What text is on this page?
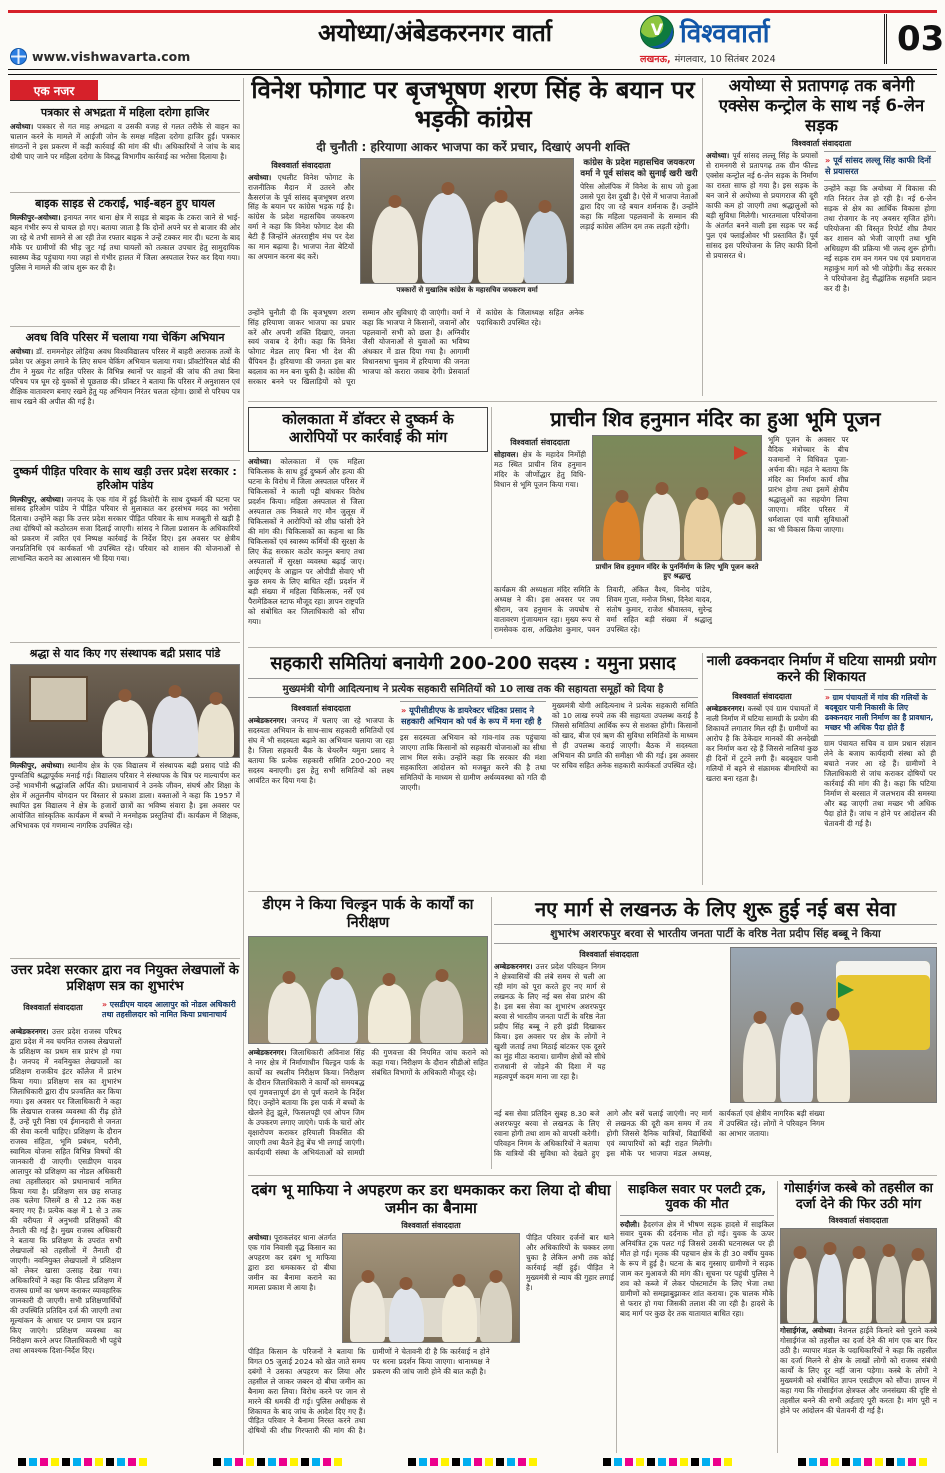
अयोध्या/अंबेडकरनगर वार्ता V	विश्ववार्ता
लखनऊ, मंगलवार, 10 सितंबर 2024
03
www.vishwavarta.com
एक नजर
पत्रकार से अभद्रता में महिला दरोगा हाजिर

अयोध्या। पत्रकार से गत माह अभद्रता व उसकी वजह से गलत तरीके से वाहन का चालान करने के मामले में आईजी जोन के समक्ष महिला दरोगा हाजिर हुईं। पत्रकार संगठनों ने इस प्रकरण में कड़ी कार्रवाई की मांग की थी। अधिकारियों ने जांच के बाद दोषी पाए जाने पर महिला दरोगा के विरुद्ध विभागीय कार्रवाई का भरोसा दिलाया है।

बाइक साइड से टकराई, भाई-बहन हुए घायल

मिल्कीपुर-अयोध्या। इनायत नगर थाना क्षेत्र में साइड से बाइक के टकरा जाने से भाई-बहन गंभीर रूप से घायल हो गए। बताया जाता है कि दोनों अपने घर से बाजार की ओर जा रहे थे तभी सामने से आ रही तेज रफ्तार बाइक ने उन्हें टक्कर मार दी। घटना के बाद मौके पर ग्रामीणों की भीड़ जुट गई तथा घायलों को तत्काल उपचार हेतु सामुदायिक स्वास्थ्य केंद्र पहुंचाया गया जहां से गंभीर हालत में जिला अस्पताल रेफर कर दिया गया। पुलिस ने मामले की जांच शुरू कर दी है।

अवध विवि परिसर में चलाया गया चेकिंग अभियान

अयोध्या। डॉ. राममनोहर लोहिया अवध विश्वविद्यालय परिसर में बाहरी अराजक तत्वों के प्रवेश पर अंकुश लगाने के लिए सघन चेकिंग अभियान चलाया गया। प्रॉक्टोरियल बोर्ड की टीम ने मुख्य गेट सहित परिसर के विभिन्न स्थानों पर वाहनों की जांच की तथा बिना परिचय पत्र घूम रहे युवकों से पूछताछ की। प्रॉक्टर ने बताया कि परिसर में अनुशासन एवं शैक्षिक वातावरण बनाए रखने हेतु यह अभियान निरंतर चलता रहेगा। छात्रों से परिचय पत्र साथ रखने की अपील की गई है।

दुष्कर्म पीड़ित परिवार के साथ खड़ी उत्तर प्रदेश सरकार : हरिओम पांडेय

मिल्कीपुर, अयोध्या। जनपद के एक गांव में हुई किशोरी के साथ दुष्कर्म की घटना पर सांसद हरिओम पांडेय ने पीड़ित परिवार से मुलाकात कर हरसंभव मदद का भरोसा दिलाया। उन्होंने कहा कि उत्तर प्रदेश सरकार पीड़ित परिवार के साथ मजबूती से खड़ी है तथा दोषियों को कठोरतम सजा दिलाई जाएगी। सांसद ने जिला प्रशासन के अधिकारियों को प्रकरण में त्वरित एवं निष्पक्ष कार्रवाई के निर्देश दिए। इस अवसर पर क्षेत्रीय जनप्रतिनिधि एवं कार्यकर्ता भी उपस्थित रहे। परिवार को शासन की योजनाओं से लाभान्वित कराने का आश्वासन भी दिया गया।

श्रद्धा से याद किए गए संस्थापक बद्री प्रसाद पांडे

मिल्कीपुर, अयोध्या। स्थानीय क्षेत्र के एक विद्यालय में संस्थापक बद्री प्रसाद पांडे की पुण्यतिथि श्रद्धापूर्वक मनाई गई। विद्यालय परिवार ने संस्थापक के चित्र पर माल्यार्पण कर उन्हें भावभीनी श्रद्धांजलि अर्पित की। प्रधानाचार्य ने उनके जीवन, संघर्ष और शिक्षा के क्षेत्र में अतुलनीय योगदान पर विस्तार से प्रकाश डाला। वक्ताओं ने कहा कि 1957 में स्थापित इस विद्यालय ने क्षेत्र के हजारों छात्रों का भविष्य संवारा है। इस अवसर पर आयोजित सांस्कृतिक कार्यक्रम में बच्चों ने मनमोहक प्रस्तुतियां दीं। कार्यक्रम में शिक्षक, अभिभावक एवं गणमान्य नागरिक उपस्थित रहे।

उत्तर प्रदेश सरकार द्वारा नव नियुक्त लेखपालों के प्रशिक्षण सत्र का शुभारंभ
विश्ववार्ता संवाददाता	» एसडीएम यादव आलापुर को नोडल अधिकारी तथा तहसीलदार को नामित किया प्रधानाचार्य

अम्बेडकरनगर। उत्तर प्रदेश राजस्व परिषद द्वारा प्रदेश में नव चयनित राजस्व लेखपालों के प्रशिक्षण का प्रथम सत्र प्रारंभ हो गया है। जनपद में नवनियुक्त लेखपालों का प्रशिक्षण राजकीय इंटर कॉलेज में प्रारंभ किया गया। प्रशिक्षण सत्र का शुभारंभ जिलाधिकारी द्वारा दीप प्रज्वलित कर किया गया। इस अवसर पर जिलाधिकारी ने कहा कि लेखपाल राजस्व व्यवस्था की रीढ़ होते हैं, उन्हें पूरी निष्ठा एवं ईमानदारी से जनता की सेवा करनी चाहिए। प्रशिक्षण के दौरान राजस्व संहिता, भूमि प्रबंधन, घरौनी, स्वामित्व योजना सहित विभिन्न विषयों की जानकारी दी जाएगी। एसडीएम यादव आलापुर को प्रशिक्षण का नोडल अधिकारी तथा तहसीलदार को प्रधानाचार्य नामित किया गया है। प्रशिक्षण सत्र छह सप्ताह तक चलेगा जिसमें 8 से 12 तक कक्ष बनाए गए हैं। प्रत्येक कक्ष में 1 से 3 तक की वरीयता में अनुभवी प्रशिक्षकों की तैनाती की गई है। मुख्य राजस्व अधिकारी ने बताया कि प्रशिक्षण के उपरांत सभी लेखपालों को तहसीलों में तैनाती दी जाएगी। नवनियुक्त लेखपालों में प्रशिक्षण को लेकर खासा उत्साह देखा गया। अधिकारियों ने कहा कि फील्ड प्रशिक्षण में राजस्व ग्रामों का भ्रमण कराकर व्यावहारिक जानकारी दी जाएगी। सभी प्रशिक्षणार्थियों की उपस्थिति प्रतिदिन दर्ज की जाएगी तथा मूल्यांकन के आधार पर प्रमाण पत्र प्रदान किए जाएंगे। प्रशिक्षण व्यवस्था का निरीक्षण करने अपर जिलाधिकारी भी पहुंचे तथा आवश्यक दिशा-निर्देश दिए।

विनेश फोगाट पर बृजभूषण शरण सिंह के बयान पर भड़की कांग्रेस
दी चुनौती : हरियाणा आकर भाजपा का करें प्रचार, दिखाएं अपनी शक्ति
विश्ववार्ता संवाददाता

अयोध्या। एथलीट विनेश फोगाट के राजनीतिक मैदान में उतरने और कैसरगंज के पूर्व सांसद बृजभूषण शरण सिंह के बयान पर कांग्रेस भड़क गई है। कांग्रेस के प्रदेश महासचिव जयकरण वर्मा ने कहा कि विनेश फोगाट देश की बेटी हैं जिन्होंने अंतरराष्ट्रीय मंच पर देश का मान बढ़ाया है। भाजपा नेता बेटियों का अपमान करना बंद करें।

पत्रकारों से मुखातिब कांग्रेस के महासचिव जयकरण वर्मा
कांग्रेस के प्रदेश महासचिव जयकरण वर्मा ने पूर्व सांसद को सुनाई खरी खरी

पेरिस ओलंपिक में विनेश के साथ जो हुआ उससे पूरा देश दुखी है। ऐसे में भाजपा नेताओं द्वारा दिए जा रहे बयान शर्मनाक हैं। उन्होंने कहा कि महिला पहलवानों के सम्मान की लड़ाई कांग्रेस अंतिम दम तक लड़ती रहेगी।

उन्होंने चुनौती दी कि बृजभूषण शरण सिंह हरियाणा जाकर भाजपा का प्रचार करें और अपनी शक्ति दिखाएं, जनता स्वयं जवाब दे देगी। कहा कि विनेश फोगाट मेडल लाए बिना भी देश की चैंपियन हैं। हरियाणा की जनता इस बार बदलाव का मन बना चुकी है। कांग्रेस की सरकार बनने पर खिलाड़ियों को पूरा सम्मान और सुविधाएं दी जाएंगी। वर्मा ने कहा कि भाजपा ने किसानों, जवानों और पहलवानों सभी को छला है। अग्निवीर जैसी योजनाओं से युवाओं का भविष्य अंधकार में डाल दिया गया है। आगामी विधानसभा चुनाव में हरियाणा की जनता भाजपा को करारा जवाब देगी। प्रेसवार्ता में कांग्रेस के जिलाध्यक्ष सहित अनेक पदाधिकारी उपस्थित रहे।

अयोध्या से प्रतापगढ़ तक बनेगी एक्सेस कन्ट्रोल के साथ नई 6-लेन सड़क
विश्ववार्ता संवाददाता

अयोध्या। पूर्व सांसद लल्लू सिंह के प्रयासों से रामनगरी से प्रतापगढ़ तक ग्रीन फील्ड एक्सेस कन्ट्रोल नई 6-लेन सड़क के निर्माण का रास्ता साफ हो गया है। इस सड़क के बन जाने से अयोध्या से प्रयागराज की दूरी काफी कम हो जाएगी तथा श्रद्धालुओं को बड़ी सुविधा मिलेगी। भारतमाला परियोजना के अंतर्गत बनने वाली इस सड़क पर कई पुल एवं फ्लाईओवर भी प्रस्तावित हैं। पूर्व सांसद इस परियोजना के लिए काफी दिनों से प्रयासरत थे।

» पूर्व सांसद लल्लू सिंह काफी दिनों से प्रयासरत

उन्होंने कहा कि अयोध्या में विकास की गति निरंतर तेज हो रही है। नई 6-लेन सड़क से क्षेत्र का आर्थिक विकास होगा तथा रोजगार के नए अवसर सृजित होंगे। परियोजना की विस्तृत रिपोर्ट शीघ्र तैयार कर शासन को भेजी जाएगी तथा भूमि अधिग्रहण की प्रक्रिया भी जल्द शुरू होगी। नई सड़क राम वन गमन पथ एवं प्रयागराज महाकुंभ मार्ग को भी जोड़ेगी। केंद्र सरकार ने परियोजना हेतु सैद्धांतिक सहमति प्रदान कर दी है।

कोलकाता में डॉक्टर से दुष्कर्म के आरोपियों पर कार्रवाई की मांग

अयोध्या। कोलकाता में एक महिला चिकित्सक के साथ हुई दुष्कर्म और हत्या की घटना के विरोध में जिला अस्पताल परिसर में चिकित्सकों ने काली पट्टी बांधकर विरोध प्रदर्शन किया। महिला अस्पताल से जिला अस्पताल तक निकाले गए मौन जुलूस में चिकित्सकों ने आरोपियों को शीघ्र फांसी देने की मांग की। चिकित्सकों का कहना था कि चिकित्सकों एवं स्वास्थ्य कर्मियों की सुरक्षा के लिए केंद्र सरकार कठोर कानून बनाए तथा अस्पतालों में सुरक्षा व्यवस्था बढ़ाई जाए। आईएमए के आह्वान पर ओपीडी सेवाएं भी कुछ समय के लिए बाधित रहीं। प्रदर्शन में बड़ी संख्या में महिला चिकित्सक, नर्सें एवं पैरामेडिकल स्टाफ मौजूद रहा। ज्ञापन राष्ट्रपति को संबोधित कर जिलाधिकारी को सौंपा गया।

प्राचीन शिव हनुमान मंदिर का हुआ भूमि पूजन
विश्ववार्ता संवाददाता

सोहावल। क्षेत्र के महादेव निर्मोही मठ स्थित प्राचीन शिव हनुमान मंदिर के जीर्णोद्धार हेतु विधि-विधान से भूमि पूजन किया गया।

प्राचीन शिव हनुमान मंदिर के पुनर्निर्माण के लिए भूमि पूजन करते हुए श्रद्धालु

भूमि पूजन के अवसर पर वैदिक मंत्रोच्चार के बीच यजमानों ने विधिवत पूजा-अर्चना की। महंत ने बताया कि मंदिर का निर्माण कार्य शीघ्र प्रारंभ होगा तथा इसमें क्षेत्रीय श्रद्धालुओं का सहयोग लिया जाएगा। मंदिर परिसर में धर्मशाला एवं यात्री सुविधाओं का भी विकास किया जाएगा।

कार्यक्रम की अध्यक्षता मंदिर समिति के अध्यक्ष ने की। इस अवसर पर जय श्रीराम, जय हनुमान के जयघोष से वातावरण गुंजायमान रहा। मुख्य रूप से रामसेवक दास, अखिलेश कुमार, पवन तिवारी, अंकित वैश्य, विनोद पांडेय, शिवम गुप्ता, मनोज मिश्रा, दिनेश यादव, संतोष कुमार, राजेश श्रीवास्तव, सुरेन्द्र वर्मा सहित बड़ी संख्या में श्रद्धालु उपस्थित रहे।

सहकारी समितियां बनायेगी 200-200 सदस्य : यमुना प्रसाद
मुख्यमंत्री योगी आदित्यनाथ ने प्रत्येक सहकारी समितियों को 10 लाख तक की सहायता समूहों को दिया है
विश्ववार्ता संवाददाता

अम्बेडकरनगर। जनपद में चलाए जा रहे भाजपा के सदस्यता अभियान के साथ-साथ सहकारी समितियों एवं संघ में भी सदस्यता बढ़ाने का अभियान चलाया जा रहा है। जिला सहकारी बैंक के चेयरमैन यमुना प्रसाद ने बताया कि प्रत्येक सहकारी समिति 200-200 नए सदस्य बनाएगी। इस हेतु सभी समितियों को लक्ष्य आवंटित कर दिया गया है।

» यूपीसीडीएफ के डायरेक्टर चंद्रिका प्रसाद ने सहकारी अभियान को पर्व के रूप में मना रही है

इस सदस्यता अभियान को गांव-गांव तक पहुंचाया जाएगा ताकि किसानों को सहकारी योजनाओं का सीधा लाभ मिल सके। उन्होंने कहा कि सरकार की मंशा सहकारिता आंदोलन को मजबूत करने की है तथा समितियों के माध्यम से ग्रामीण अर्थव्यवस्था को गति दी जाएगी।

मुख्यमंत्री योगी आदित्यनाथ ने प्रत्येक सहकारी समिति को 10 लाख रुपये तक की सहायता उपलब्ध कराई है जिससे समितियां आर्थिक रूप से सशक्त होंगी। किसानों को खाद, बीज एवं ऋण की सुविधा समितियों के माध्यम से ही उपलब्ध कराई जाएगी। बैठक में सदस्यता अभियान की प्रगति की समीक्षा भी की गई। इस अवसर पर सचिव सहित अनेक सहकारी कार्यकर्ता उपस्थित रहे।

नाली ढक्कनदार निर्माण में घटिया सामग्री प्रयोग करने की शिकायत
विश्ववार्ता संवाददाता

अम्बेडकरनगर। कस्बों एवं ग्राम पंचायतों में नाली निर्माण में घटिया सामग्री के प्रयोग की शिकायतें लगातार मिल रही हैं। ग्रामीणों का आरोप है कि ठेकेदार मानकों की अनदेखी कर निर्माण करा रहे हैं जिससे नालियां कुछ ही दिनों में टूटने लगी हैं। बदबूदार पानी गलियों में बहने से संक्रामक बीमारियों का खतरा बना रहता है।

» ग्राम पंचायतों में गांव की गलियों के बदबूदार पानी निकासी के लिए ढक्कनदार नाली निर्माण का है प्रावधान, मच्छर भी अधिक पैदा होते हैं

ग्राम पंचायत सचिव व ग्राम प्रधान संज्ञान लेने के बजाय कार्यदायी संस्था को ही बचाते नजर आ रहे हैं। ग्रामीणों ने जिलाधिकारी से जांच कराकर दोषियों पर कार्रवाई की मांग की है। कहा कि घटिया निर्माण से बरसात में जलभराव की समस्या और बढ़ जाएगी तथा मच्छर भी अधिक पैदा होते हैं। जांच न होने पर आंदोलन की चेतावनी दी गई है।

डीएम ने किया चिल्ड्रन पार्क के कार्यों का निरीक्षण

अम्बेडकरनगर। जिलाधिकारी अविनाश सिंह ने नगर क्षेत्र में निर्माणाधीन चिल्ड्रन पार्क के कार्यों का स्थलीय निरीक्षण किया। निरीक्षण के दौरान जिलाधिकारी ने कार्यों को समयबद्ध एवं गुणवत्तापूर्ण ढंग से पूर्ण कराने के निर्देश दिए। उन्होंने बताया कि इस पार्क में बच्चों के खेलने हेतु झूले, फिसलपट्टी एवं ओपन जिम के उपकरण लगाए जाएंगे। पार्क के चारों ओर वृक्षारोपण कराकर हरियाली विकसित की जाएगी तथा बैठने हेतु बेंच भी लगाई जाएंगी। कार्यदायी संस्था के अभियंताओं को सामग्री की गुणवत्ता की नियमित जांच कराने को कहा गया। निरीक्षण के दौरान सीडीओ सहित संबंधित विभागों के अधिकारी मौजूद रहे।

नए मार्ग से लखनऊ के लिए शुरू हुई नई बस सेवा
शुभारंभ अशरफपुर बरवा से भारतीय जनता पार्टी के वरिष्ठ नेता प्रदीप सिंह बब्बू ने किया
विश्ववार्ता संवाददाता

अम्बेडकरनगर। उत्तर प्रदेश परिवहन निगम ने क्षेत्रवासियों की लंबे समय से चली आ रही मांग को पूरा करते हुए नए मार्ग से लखनऊ के लिए नई बस सेवा प्रारंभ की है। इस बस सेवा का शुभारंभ अशरफपुर बरवा से भारतीय जनता पार्टी के वरिष्ठ नेता प्रदीप सिंह बब्बू ने हरी झंडी दिखाकर किया। इस अवसर पर क्षेत्र के लोगों ने खुशी जताई तथा मिठाई बांटकर एक दूसरे का मुंह मीठा कराया। ग्रामीण क्षेत्रों को सीधे राजधानी से जोड़ने की दिशा में यह महत्वपूर्ण कदम माना जा रहा है।

नई बस सेवा प्रतिदिन सुबह 8.30 बजे अशरफपुर बरवा से लखनऊ के लिए रवाना होगी तथा शाम को वापसी करेगी। परिवहन निगम के अधिकारियों ने बताया कि यात्रियों की सुविधा को देखते हुए आगे और बसें चलाई जाएंगी। नए मार्ग से लखनऊ की दूरी कम समय में तय होगी जिससे दैनिक यात्रियों, विद्यार्थियों एवं व्यापारियों को बड़ी राहत मिलेगी। इस मौके पर भाजपा मंडल अध्यक्ष, कार्यकर्ता एवं क्षेत्रीय नागरिक बड़ी संख्या में उपस्थित रहे। लोगों ने परिवहन निगम का आभार जताया।

दबंग भू माफिया ने अपहरण कर डरा धमकाकर करा लिया दो बीघा जमीन का बैनामा
विश्ववार्ता संवाददाता

अयोध्या। पूराकलंदर थाना अंतर्गत एक गांव निवासी वृद्ध किसान का अपहरण कर दबंग भू माफिया द्वारा डरा धमकाकर दो बीघा जमीन का बैनामा कराने का मामला प्रकाश में आया है।

पीड़ित परिवार दर्जनों बार थाने और अधिकारियों के चक्कर लगा चुका है लेकिन अभी तक कोई कार्रवाई नहीं हुई। पीड़ित ने मुख्यमंत्री से न्याय की गुहार लगाई है।

पीड़ित किसान के परिजनों ने बताया कि विगत 05 जुलाई 2024 को खेत जाते समय दबंगों ने उसका अपहरण कर लिया और तहसील ले जाकर जबरन दो बीघा जमीन का बैनामा करा लिया। विरोध करने पर जान से मारने की धमकी दी गई। पुलिस अधीक्षक से शिकायत के बाद जांच के आदेश दिए गए हैं। पीड़ित परिवार ने बैनामा निरस्त करने तथा दोषियों की शीघ्र गिरफ्तारी की मांग की है। ग्रामीणों ने चेतावनी दी है कि कार्रवाई न होने पर धरना प्रदर्शन किया जाएगा। थानाध्यक्ष ने प्रकरण की जांच जारी होने की बात कही है।

साइकिल सवार पर पलटी ट्रक, युवक की मौत

रुदौली। हैदरगंज क्षेत्र में भीषण सड़क हादसे में साइकिल सवार युवक की दर्दनाक मौत हो गई। युवक के ऊपर अनियंत्रित ट्रक पलट गई जिससे उसकी घटनास्थल पर ही मौत हो गई। मृतक की पहचान क्षेत्र के ही 30 वर्षीय युवक के रूप में हुई है। घटना के बाद गुस्साए ग्रामीणों ने सड़क जाम कर मुआवजे की मांग की। सूचना पर पहुंची पुलिस ने शव को कब्जे में लेकर पोस्टमार्टम के लिए भेजा तथा ग्रामीणों को समझाबुझाकर शांत कराया। ट्रक चालक मौके से फरार हो गया जिसकी तलाश की जा रही है। हादसे के बाद मार्ग पर कुछ देर तक यातायात बाधित रहा।

गोसाईगंज कस्बे को तहसील का दर्जा देने की फिर उठी मांग
विश्ववार्ता संवाददाता

गोसाईगंज, अयोध्या। नेशनल हाईवे किनारे बसे पुराने कस्बे गोसाईगंज को तहसील का दर्जा देने की मांग एक बार फिर उठी है। व्यापार मंडल के पदाधिकारियों ने कहा कि तहसील का दर्जा मिलने से क्षेत्र के लाखों लोगों को राजस्व संबंधी कार्यों के लिए दूर नहीं जाना पड़ेगा। कस्बे के लोगों ने मुख्यमंत्री को संबोधित ज्ञापन एसडीएम को सौंपा। ज्ञापन में कहा गया कि गोसाईगंज क्षेत्रफल और जनसंख्या की दृष्टि से तहसील बनने की सभी अर्हताएं पूरी करता है। मांग पूरी न होने पर आंदोलन की चेतावनी दी गई है।
